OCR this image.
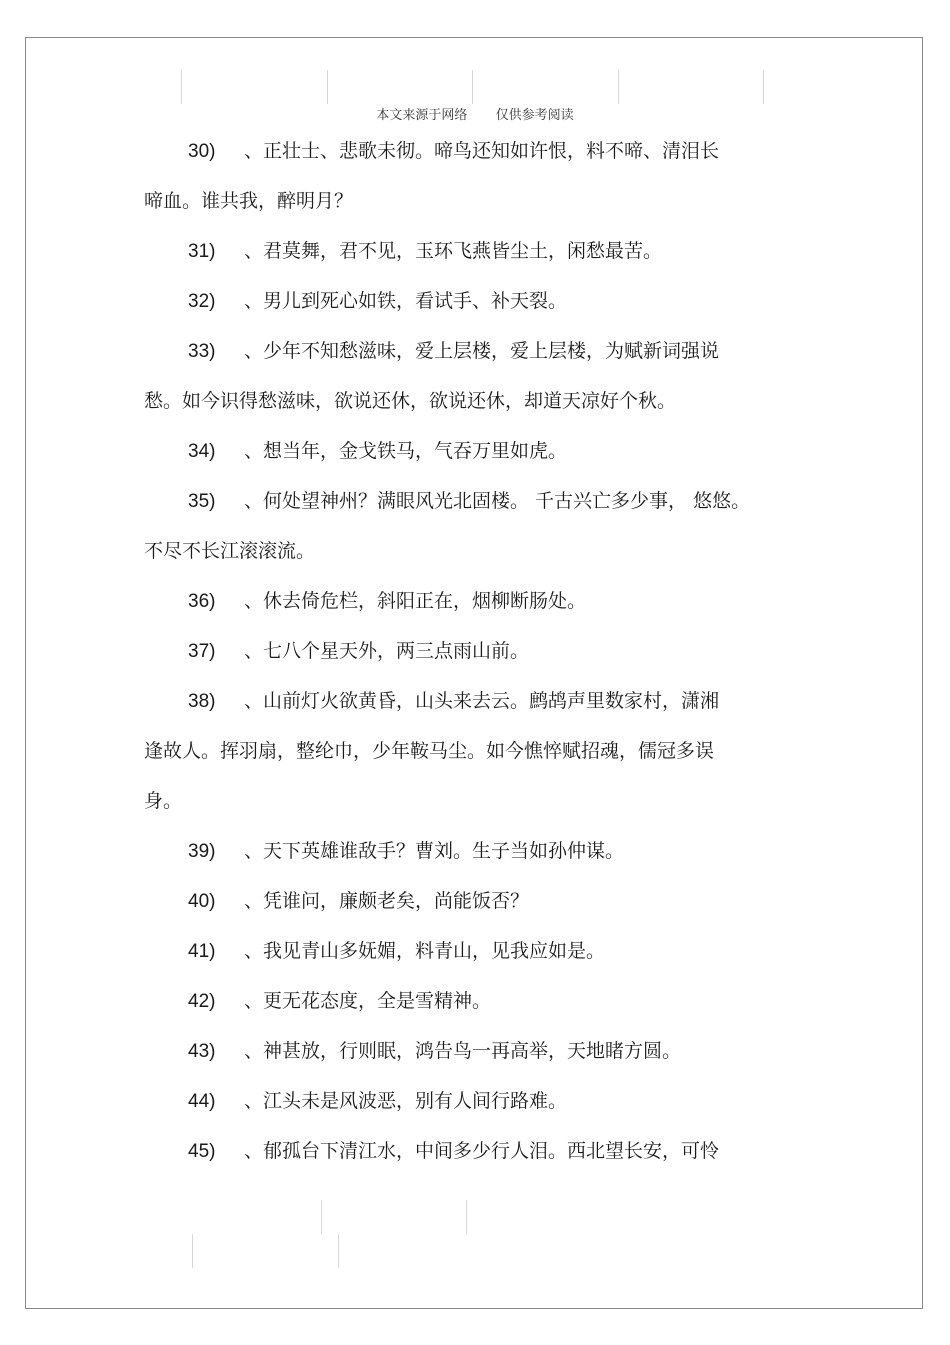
本文来源于网络 仅供参考阅读
30) 、正壮士、悲歌未彻。啼鸟还知如许恨，料不啼、清泪长
啼血。谁共我，醉明月？
31) 、君莫舞，君不见，玉环飞燕皆尘土，闲愁最苦。
32) 、男儿到死心如铁，看试手、补天裂。
33) 、少年不知愁滋味，爱上层楼，爱上层楼，为赋新词强说
愁。如今识得愁滋味，欲说还休，欲说还休，却道天凉好个秋。
34) 、想当年，金戈铁马，气吞万里如虎。
35) 、何处望神州？满眼风光北固楼。 千古兴亡多少事， 悠悠。
不尽不长江滚滚流。
36) 、休去倚危栏，斜阳正在，烟柳断肠处。
37) 、七八个星天外，两三点雨山前。
38) 、山前灯火欲黄昏，山头来去云。鹧鸪声里数家村，潇湘
逢故人。挥羽扇，整纶巾，少年鞍马尘。如今憔悴赋招魂，儒冠多误
身。
39) 、天下英雄谁敌手？曹刘。生子当如孙仲谋。
40) 、凭谁问，廉颇老矣，尚能饭否？
41) 、我见青山多妩媚，料青山，见我应如是。
42) 、更无花态度，全是雪精神。
43) 、神甚放，行则眠，鸿告鸟一再高举，天地睹方圆。
44) 、江头未是风波恶，别有人间行路难。
45) 、郁孤台下清江水，中间多少行人泪。西北望长安，可怜
